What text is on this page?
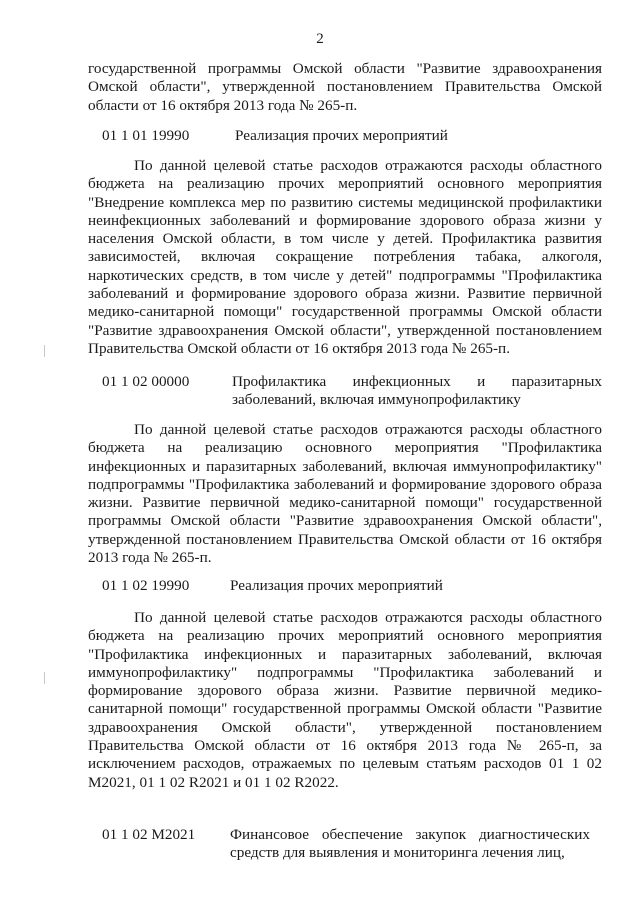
2

государственной программы Омской области "Развитие здравоохранения Омской области", утвержденной постановлением Правительства Омской области от 16 октября 2013 года № 265-п.

01 1 01 19990	Реализация прочих мероприятий

По данной целевой статье расходов отражаются расходы областного бюджета на реализацию прочих мероприятий основного мероприятия "Внедрение комплекса мер по развитию системы медицинской профилактики неинфекционных заболеваний и формирование здорового образа жизни у населения Омской области, в том числе у детей. Профилактика развития зависимостей, включая сокращение потребления табака, алкоголя, наркотических средств, в том числе у детей" подпрограммы "Профилактика заболеваний и формирование здорового образа жизни. Развитие первичной медико-санитарной помощи" государственной программы Омской области "Развитие здравоохранения Омской области", утвержденной постановлением Правительства Омской области от 16 октября 2013 года № 265-п.

01 1 02 00000	Профилактика инфекционных и паразитарных заболеваний, включая иммунопрофилактику

По данной целевой статье расходов отражаются расходы областного бюджета на реализацию основного мероприятия "Профилактика инфекционных и паразитарных заболеваний, включая иммунопрофилактику" подпрограммы "Профилактика заболеваний и формирование здорового образа жизни. Развитие первичной медико-санитарной помощи" государственной программы Омской области "Развитие здравоохранения Омской области", утвержденной постановлением Правительства Омской области от 16 октября 2013 года № 265-п.

01 1 02 19990	Реализация прочих мероприятий

По данной целевой статье расходов отражаются расходы областного бюджета на реализацию прочих мероприятий основного мероприятия "Профилактика инфекционных и паразитарных заболеваний, включая иммунопрофилактику" подпрограммы "Профилактика заболеваний и формирование здорового образа жизни. Развитие первичной медико-санитарной помощи" государственной программы Омской области "Развитие здравоохранения Омской области", утвержденной постановлением Правительства Омской области от 16 октября 2013 года № 265-п, за исключением расходов, отражаемых по целевым статьям расходов 01 1 02 M2021, 01 1 02 R2021 и 01 1 02 R2022.

01 1 02 M2021 Финансовое обеспечение закупок диагностических средств для выявления и мониторинга лечения лиц,
